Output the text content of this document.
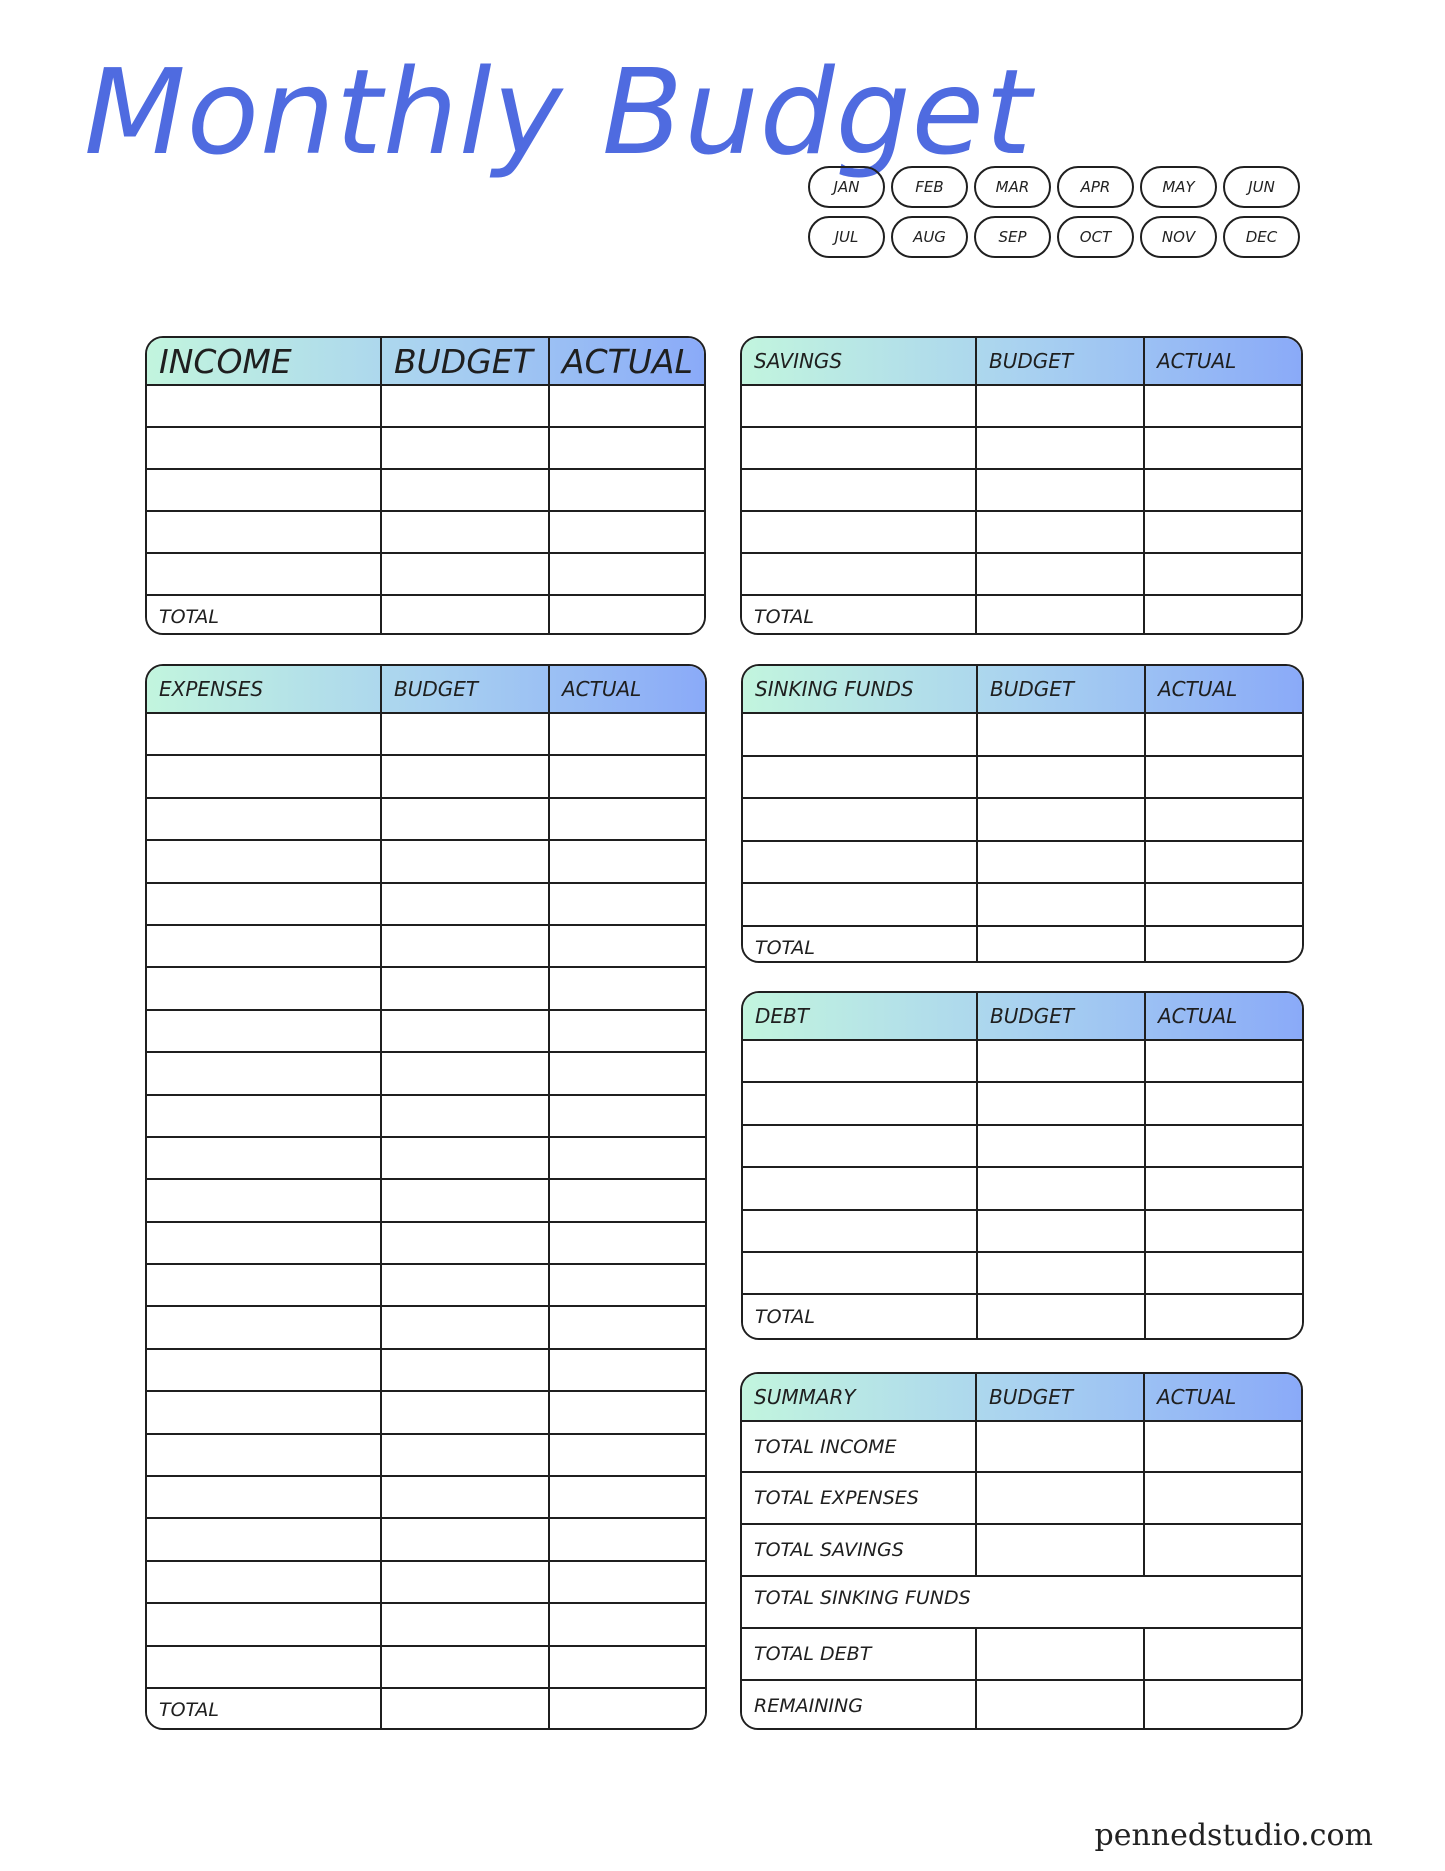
Monthly Budget
JAN	FEB	MAR	APR	MAY	JUN
JUL	AUG	SEP	OCT	NOV	DEC
INCOME	BUDGET ACTUAL
TOTAL
SAVINGS	BUDGET	ACTUAL
TOTAL
EXPENSES	BUDGET	ACTUAL
TOTAL
SINKING FUNDS	BUDGET	ACTUAL
TOTAL
DEBT	BUDGET	ACTUAL
TOTAL
SUMMARY	BUDGET	ACTUAL
TOTAL INCOME
TOTAL EXPENSES
TOTAL SAVINGS
TOTAL SINKING FUNDS
TOTAL DEBT
REMAINING
pennedstudio.com
